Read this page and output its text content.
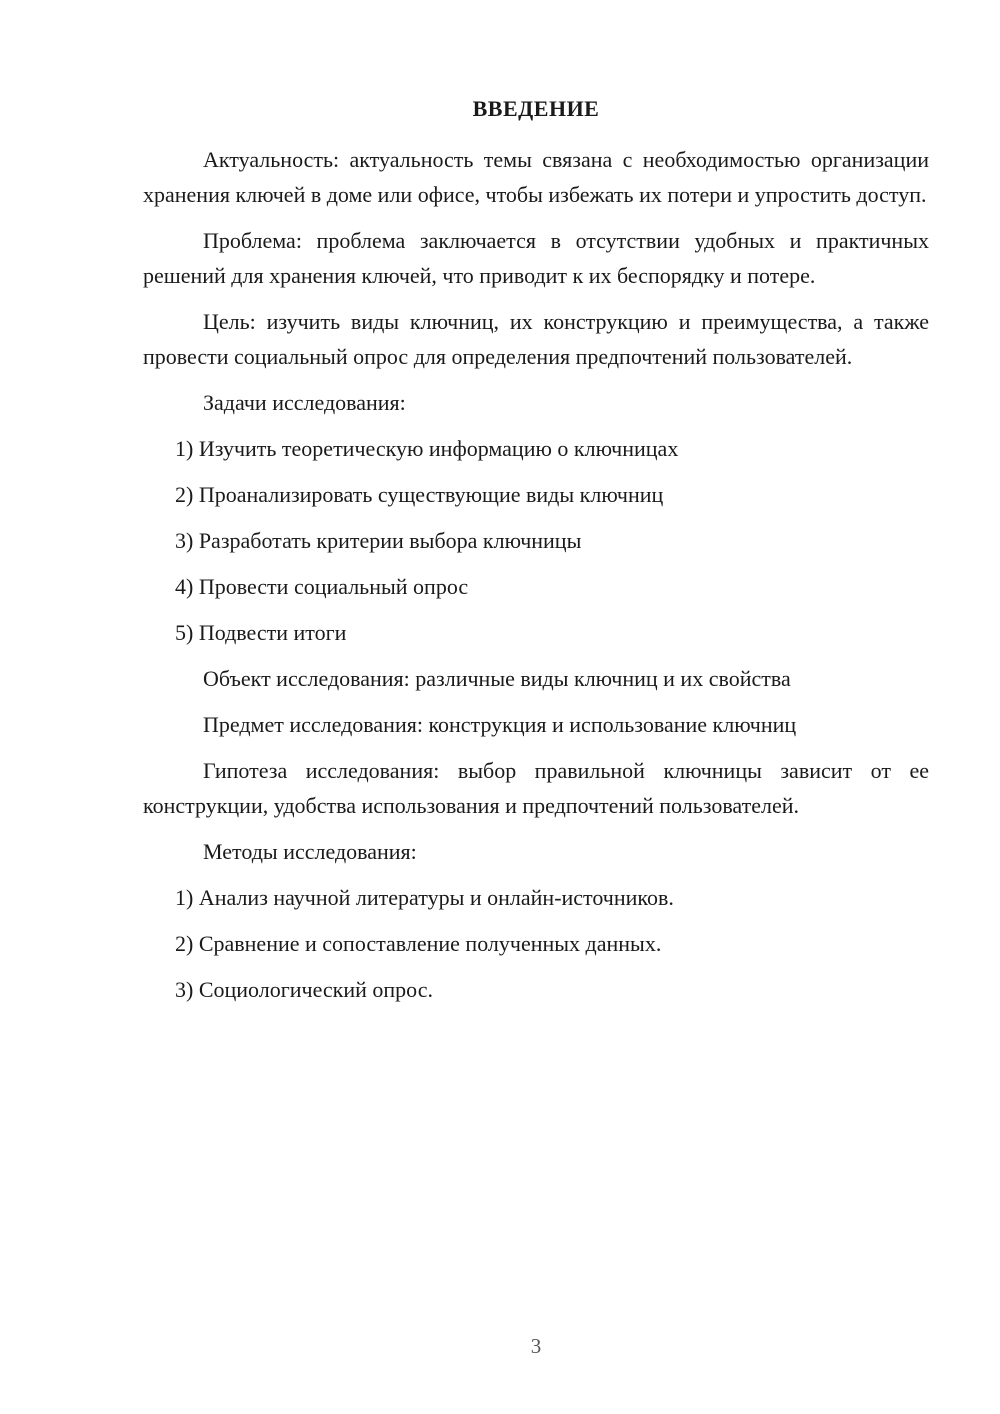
ВВЕДЕНИЕ

Актуальность: актуальность темы связана с необходимостью организации хранения ключей в доме или офисе, чтобы избежать их потери и упростить доступ.

Проблема: проблема заключается в отсутствии удобных и практичных решений для хранения ключей, что приводит к их беспорядку и потере.

Цель: изучить виды ключниц, их конструкцию и преимущества, а также провести социальный опрос для определения предпочтений пользователей.

Задачи исследования:

1) Изучить теоретическую информацию о ключницах

2) Проанализировать существующие виды ключниц

3) Разработать критерии выбора ключницы

4) Провести социальный опрос

5) Подвести итоги

Объект исследования: различные виды ключниц и их свойства

Предмет исследования: конструкция и использование ключниц

Гипотеза исследования: выбор правильной ключницы зависит от ее конструкции, удобства использования и предпочтений пользователей.

Методы исследования:

1) Анализ научной литературы и онлайн-источников.

2) Сравнение и сопоставление полученных данных.

3) Социологический опрос.

3
